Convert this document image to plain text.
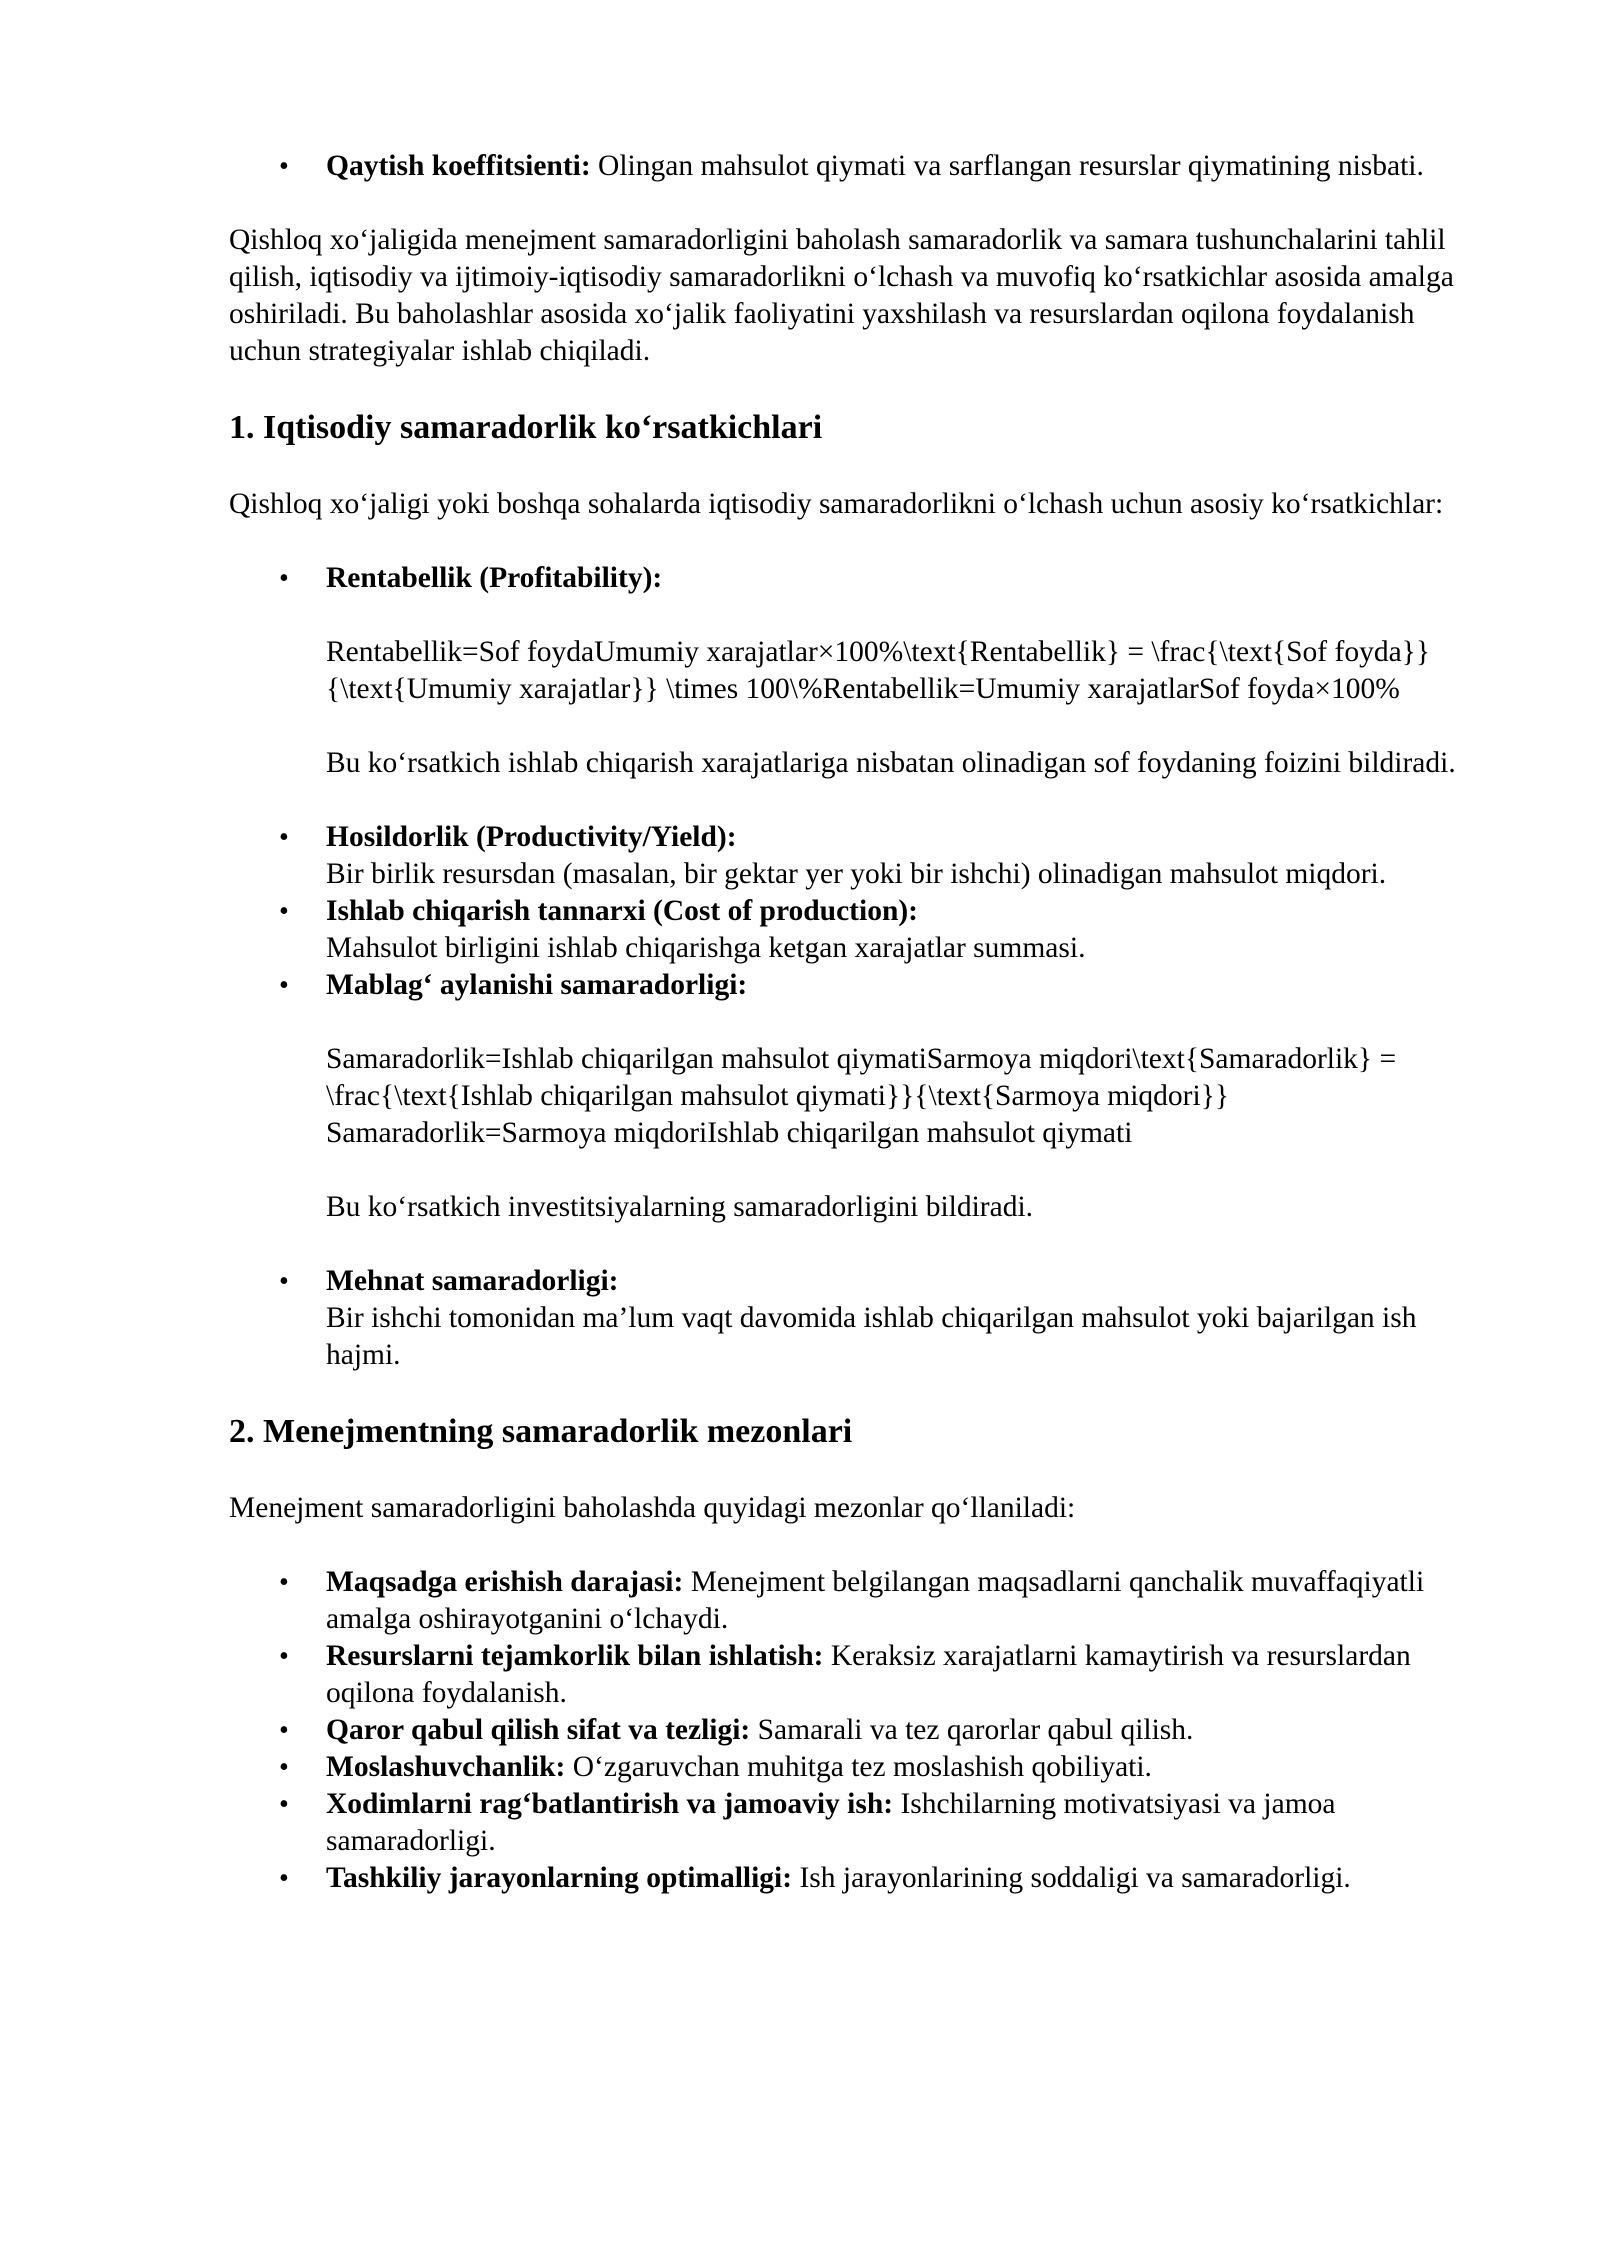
• Qaytish koeffitsienti: Olingan mahsulot qiymati va sarflangan resurslar qiymatining nisbati.

Qishloq xo‘jaligida menejment samaradorligini baholash samaradorlik va samara tushunchalarini tahlil qilish, iqtisodiy va ijtimoiy-iqtisodiy samaradorlikni o‘lchash va muvofiq ko‘rsatkichlar asosida amalga oshiriladi. Bu baholashlar asosida xo‘jalik faoliyatini yaxshilash va resurslardan oqilona foydalanish uchun strategiyalar ishlab chiqiladi.

1. Iqtisodiy samaradorlik ko‘rsatkichlari

Qishloq xo‘jaligi yoki boshqa sohalarda iqtisodiy samaradorlikni o‘lchash uchun asosiy ko‘rsatkichlar:

• Rentabellik (Profitability):

Rentabellik=Sof foydaUmumiy xarajatlar×100%\text{Rentabellik} = \frac{\text{Sof foyda}}{\text{Umumiy xarajatlar}} \times 100\%Rentabellik=Umumiy xarajatlarSof foyda×100%

Bu ko‘rsatkich ishlab chiqarish xarajatlariga nisbatan olinadigan sof foydaning foizini bildiradi.

• Hosildorlik (Productivity/Yield):
Bir birlik resursdan (masalan, bir gektar yer yoki bir ishchi) olinadigan mahsulot miqdori.
• Ishlab chiqarish tannarxi (Cost of production):
Mahsulot birligini ishlab chiqarishga ketgan xarajatlar summasi.
• Mablag‘ aylanishi samaradorligi:

Samaradorlik=Ishlab chiqarilgan mahsulot qiymatiSarmoya miqdori\text{Samaradorlik} = \frac{\text{Ishlab chiqarilgan mahsulot qiymati}}{\text{Sarmoya miqdori}} Samaradorlik=Sarmoya miqdoriIshlab chiqarilgan mahsulot qiymati

Bu ko‘rsatkich investitsiyalarning samaradorligini bildiradi.

• Mehnat samaradorligi:
Bir ishchi tomonidan ma’lum vaqt davomida ishlab chiqarilgan mahsulot yoki bajarilgan ish hajmi.
2. Menejmentning samaradorlik mezonlari

Menejment samaradorligini baholashda quyidagi mezonlar qo‘llaniladi:

• Maqsadga erishish darajasi: Menejment belgilangan maqsadlarni qanchalik muvaffaqiyatli amalga oshirayotganini o‘lchaydi.
• Resurslarni tejamkorlik bilan ishlatish: Keraksiz xarajatlarni kamaytirish va resurslardan oqilona foydalanish.
• Qaror qabul qilish sifat va tezligi: Samarali va tez qarorlar qabul qilish.
• Moslashuvchanlik: O‘zgaruvchan muhitga tez moslashish qobiliyati.
• Xodimlarni rag‘batlantirish va jamoaviy ish: Ishchilarning motivatsiyasi va jamoa samaradorligi.
• Tashkiliy jarayonlarning optimalligi: Ish jarayonlarining soddaligi va samaradorligi.
